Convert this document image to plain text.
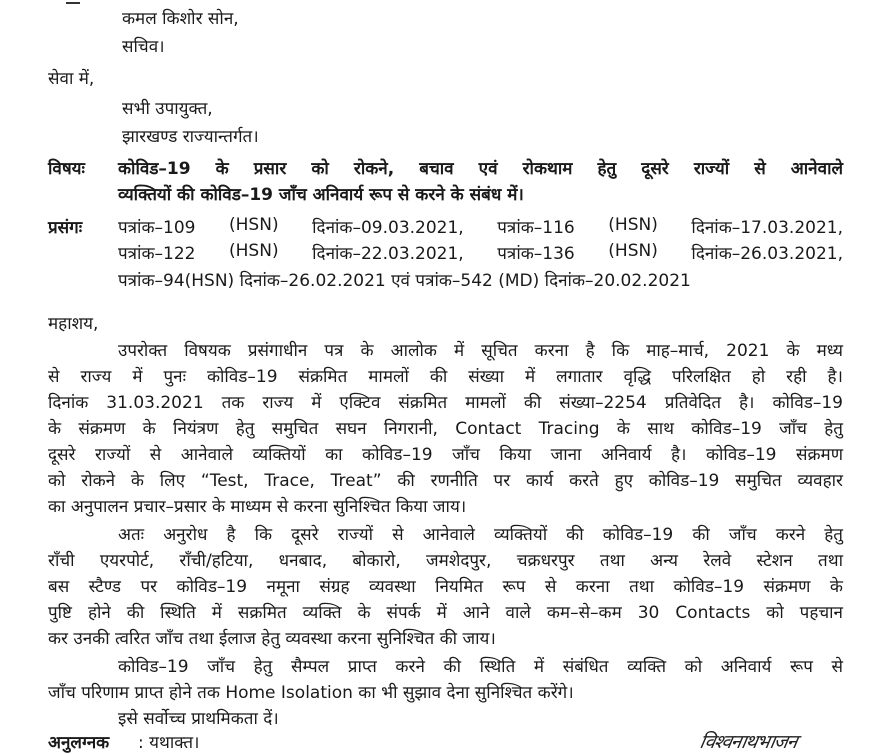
कमल किशोर सोन,
सचिव।
सेवा में,
सभी उपायुक्त,
झारखण्ड राज्यान्तर्गत।
विषयः कोविड–19 के प्रसार को रोकने, बचाव एवं रोकथाम हेतु दूसरे राज्यों से आनेवाले
व्यक्तियों की कोविड–19 जाँच अनिवार्य रूप से करने के संबंध में।
प्रसंगः पत्रांक–109 (HSN) दिनांक–09.03.2021, पत्रांक–116 (HSN) दिनांक–17.03.2021,
पत्रांक–122 (HSN) दिनांक–22.03.2021, पत्रांक–136 (HSN) दिनांक–26.03.2021,
पत्रांक–94(HSN) दिनांक–26.02.2021 एवं पत्रांक–542 (MD) दिनांक–20.02.2021
महाशय,
उपरोक्त विषयक प्रसंगाधीन पत्र के आलोक में सूचित करना है कि माह–मार्च, 2021 के मध्य
से राज्य में पुनः कोविड–19 संक्रमित मामलों की संख्या में लगातार वृद्धि परिलक्षित हो रही है।
दिनांक 31.03.2021 तक राज्य में एक्टिव संक्रमित मामलों की संख्या–2254 प्रतिवेदित है। कोविड–19
के संक्रमण के नियंत्रण हेतु समुचित सघन निगरानी, Contact Tracing के साथ कोविड–19 जाँच हेतु
दूसरे राज्यों से आनेवाले व्यक्तियों का कोविड–19 जाँच किया जाना अनिवार्य है। कोविड–19 संक्रमण
को रोकने के लिए “Test, Trace, Treat” की रणनीति पर कार्य करते हुए कोविड–19 समुचित व्यवहार
का अनुपालन प्रचार–प्रसार के माध्यम से करना सुनिश्चित किया जाय।
अतः अनुरोध है कि दूसरे राज्यों से आनेवाले व्यक्तियों की कोविड–19 की जाँच करने हेतु
राँची एयरपोर्ट, राँची/हटिया, धनबाद, बोकारो, जमशेदपुर, चक्रधरपुर तथा अन्य रेलवे स्टेशन तथा
बस स्टैण्ड पर कोविड–19 नमूना संग्रह व्यवस्था नियमित रूप से करना तथा कोविड–19 संक्रमण के
पुष्टि होने की स्थिति में सक्रमित व्यक्ति के संपर्क में आने वाले कम–से–कम 30 Contacts को पहचान
कर उनकी त्वरित जाँच तथा ईलाज हेतु व्यवस्था करना सुनिश्चित की जाय।
कोविड–19 जाँच हेतु सैम्पल प्राप्त करने की स्थिति में संबंधित व्यक्ति को अनिवार्य रूप से
जाँच परिणाम प्राप्त होने तक Home Isolation का भी सुझाव देना सुनिश्चित करेंगे।
इसे सर्वोच्च प्राथमिकता दें।
अनुलग्नक : यथाक्त।	विश्वनाथभाजन
